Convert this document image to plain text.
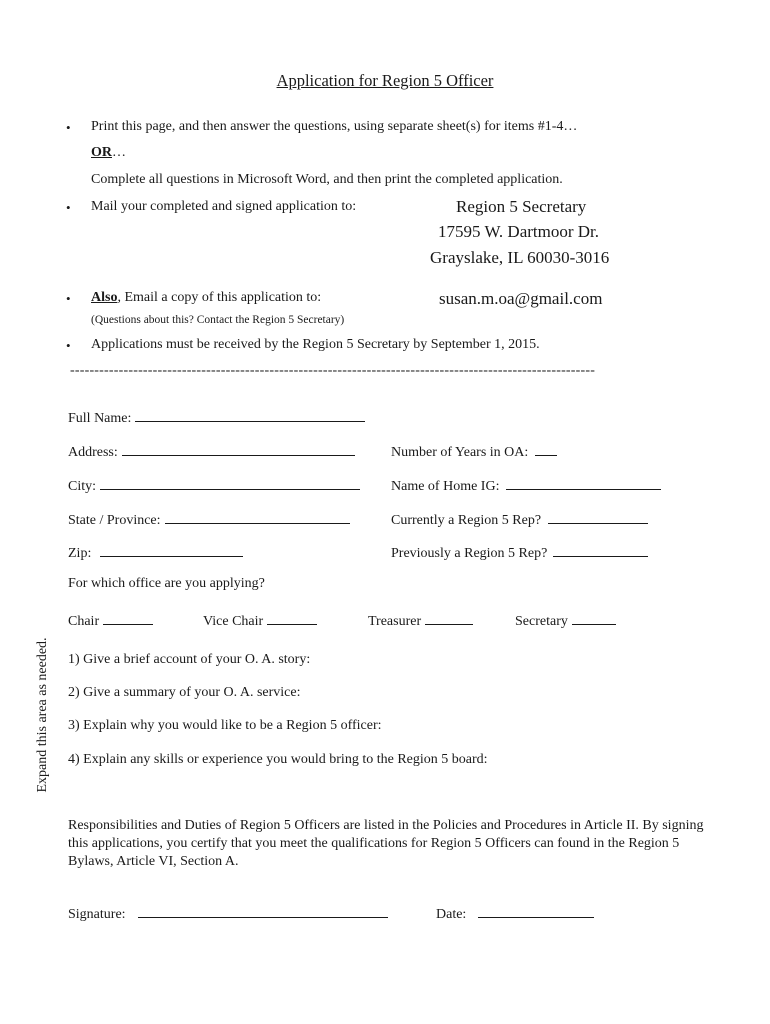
Application for Region 5 Officer
• Print this page, and then answer the questions, using separate sheet(s) for items #1-4…
OR…
Complete all questions in Microsoft Word, and then print the completed application.
• Mail your completed and signed application to:	Region 5 Secretary
17595 W. Dartmoor Dr.
Grayslake, IL 60030-3016
• Also, Email a copy of this application to:	susan.m.oa@gmail.com
(Questions about this? Contact the Region 5 Secretary)
• Applications must be received by the Region 5 Secretary by September 1, 2015.
------------------------------------------------------------------------------------------------------------
Full Name:
Address:	Number of Years in OA:
City:	Name of Home IG:
State / Province:	Currently a Region 5 Rep?
Zip:	Previously a Region 5 Rep?
For which office are you applying?
Chair	Vice Chair	Treasurer	Secretary
1) Give a brief account of your O. A. story:
2) Give a summary of your O. A. service:
3) Explain why you would like to be a Region 5 officer:
4) Explain any skills or experience you would bring to the Region 5 board:
Expand this area as needed.
Responsibilities and Duties of Region 5 Officers are listed in the Policies and Procedures in Article II. By signing this applications, you certify that you meet the qualifications for Region 5 Officers can found in the Region 5 Bylaws, Article VI, Section A.
Signature:	Date:
